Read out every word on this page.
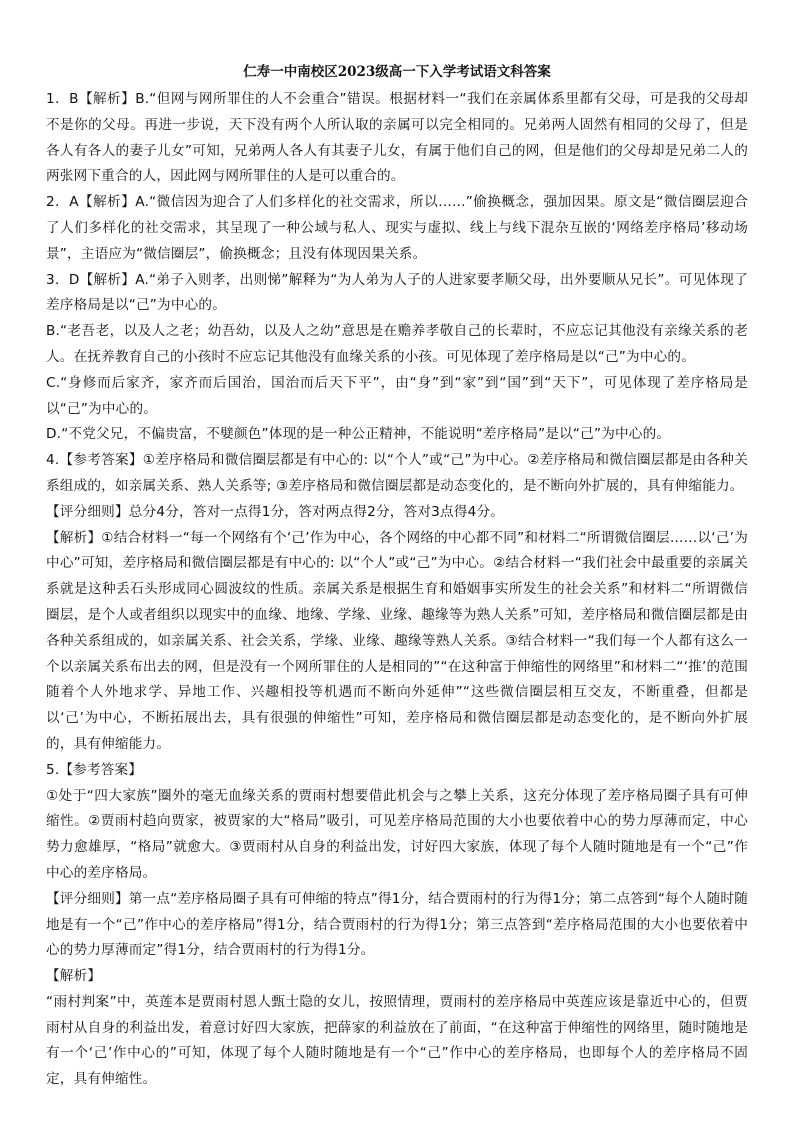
仁寿一中南校区2023级高一下入学考试语文科答案

1．B【解析】B.“但网与网所罪住的人不会重合”错误。根据材料一“我们在亲属体系里都有父母，可是我的父母却不是你的父母。再进一步说，天下没有两个人所认取的亲属可以完全相同的。兄弟两人固然有相同的父母了，但是各人有各人的妻子儿女”可知，兄弟两人各人有其妻子儿女，有属于他们自己的网，但是他们的父母却是兄弟二人的两张网下重合的人，因此网与网所罪住的人是可以重合的。

2．A【解析】A.“微信因为迎合了人们多样化的社交需求，所以……”偷换概念，强加因果。原文是“微信圈层迎合了人们多样化的社交需求，其呈现了一种公域与私人、现实与虚拟、线上与线下混杂互嵌的‘网络差序格局’移动场景”，主语应为“微信圈层”，偷换概念；且没有体现因果关系。

3．D【解析】A.“弟子入则孝，出则悌”解释为“为人弟为人子的人进家要孝顺父母，出外要顺从兄长”。可见体现了差序格局是以“己”为中心的。

B.“老吾老，以及人之老；幼吾幼，以及人之幼”意思是在赡养孝敬自己的长辈时，不应忘记其他没有亲缘关系的老人。在抚养教育自己的小孩时不应忘记其他没有血缘关系的小孩。可见体现了差序格局是以“己”为中心的。

C.“身修而后家齐，家齐而后国治，国治而后天下平”，由“身”到“家”到“国”到“天下”，可见体现了差序格局是以“己”为中心的。

D.“不党父兄，不偏贵富，不嬖颜色”体现的是一种公正精神，不能说明“差序格局”是以“己”为中心的。

4.【参考答案】①差序格局和微信圈层都是有中心的: 以“个人”或“己”为中心。②差序格局和微信圈层都是由各种关系组成的，如亲属关系、熟人关系等; ③差序格局和微信圈层都是动态变化的，是不断向外扩展的，具有伸缩能力。

【评分细则】总分4分，答对一点得1分，答对两点得2分，答对3点得4分。

【解析】①结合材料一“每一个网络有个‘己’作为中心，各个网络的中心都不同”和材料二“所谓微信圈层……以‘己’为中心”可知，差序格局和微信圈层都是有中心的: 以“个人”或“己”为中心。②结合材料一“我们社会中最重要的亲属关系就是这种丢石头形成同心圆波纹的性质。亲属关系是根据生育和婚姻事实所发生的社会关系”和材料二“所谓微信圈层，是个人或者组织以现实中的血缘、地缘、学缘、业缘、趣缘等为熟人关系”可知，差序格局和微信圈层都是由各种关系组成的，如亲属关系、社会关系，学缘、业缘、趣缘等熟人关系。③结合材料一“我们每一个人都有这么一个以亲属关系布出去的网，但是没有一个网所罪住的人是相同的”“在这种富于伸缩性的网络里”和材料二“‘推’的范围随着个人外地求学、异地工作、兴趣相投等机遇而不断向外延伸”“这些微信圈层相互交友，不断重叠，但都是以‘己’为中心，不断拓展出去，具有很强的伸缩性”可知，差序格局和微信圈层都是动态变化的，是不断向外扩展的，具有伸缩能力。

5.【参考答案】

①处于“四大家族”圈外的毫无血缘关系的贾雨村想要借此机会与之攀上关系，这充分体现了差序格局圈子具有可伸缩性。②贾雨村趋向贾家，被贾家的大“格局”吸引，可见差序格局范围的大小也要依着中心的势力厚薄而定，中心势力愈雄厚，“格局”就愈大。③贾雨村从自身的利益出发，讨好四大家族，体现了每个人随时随地是有一个“己”作中心的差序格局。

【评分细则】第一点“差序格局圈子具有可伸缩的特点”得1分，结合贾雨村的行为得1分；第二点答到“每个人随时随地是有一个“己”作中心的差序格局”得1分，结合贾雨村的行为得1分；第三点答到“差序格局范围的大小也要依着中心的势力厚薄而定”得1分，结合贾雨村的行为得1分。

【解析】

“雨村判案”中，英莲本是贾雨村恩人甄士隐的女儿，按照情理，贾雨村的差序格局中英莲应该是靠近中心的，但贾雨村从自身的利益出发，着意讨好四大家族，把薛家的利益放在了前面，“在这种富于伸缩性的网络里，随时随地是有一个‘己’作中心的”可知，体现了每个人随时随地是有一个“己”作中心的差序格局，也即每个人的差序格局不固定，具有伸缩性。
